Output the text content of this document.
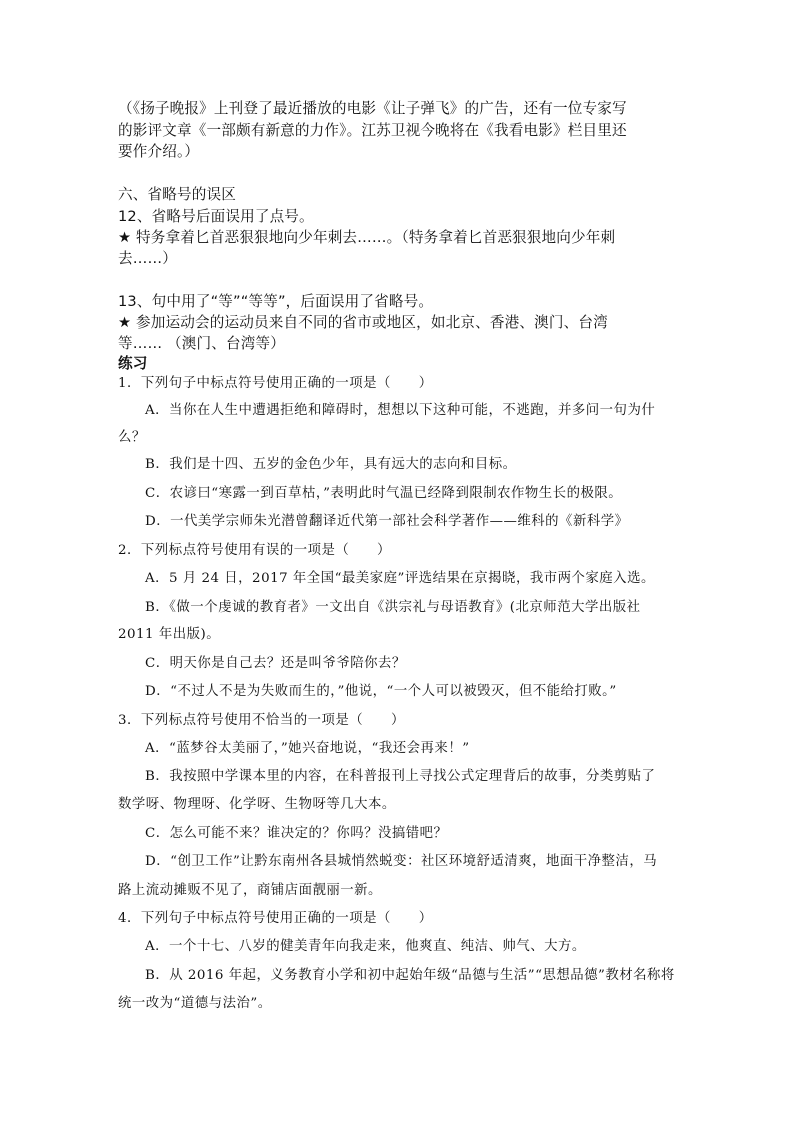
（《扬子晚报》上刊登了最近播放的电影《让子弹飞》的广告，还有一位专家写
的影评文章《一部颇有新意的力作》。江苏卫视今晚将在《我看电影》栏目里还
要作介绍。）
六、省略号的误区
12、省略号后面误用了点号。
★ 特务拿着匕首恶狠狠地向少年刺去……。（特务拿着匕首恶狠狠地向少年刺
去……）
13、句中用了“等”“等等”，后面误用了省略号。
★ 参加运动会的运动员来自不同的省市或地区，如北京、香港、澳门、台湾
等…… （澳门、台湾等）
练习
1．下列句子中标点符号使用正确的一项是（　　）
A．当你在人生中遭遇拒绝和障碍时，想想以下这种可能，不逃跑，并多问一句为什
么？
B．我们是十四、五岁的金色少年，具有远大的志向和目标。
C．农谚曰“寒露一到百草枯，”表明此时气温已经降到限制农作物生长的极限。
D．一代美学宗师朱光潜曾翻译近代第一部社会科学著作——维科的《新科学》
2．下列标点符号使用有误的一项是（　　）
A．5 月 24 日，2017 年全国“最美家庭”评选结果在京揭晓，我市两个家庭入选。
B．《做一个虔诚的教育者》一文出自《洪宗礼与母语教育》(北京师范大学出版社
2011 年出版)。
C．明天你是自己去？还是叫爷爷陪你去？
D．“不过人不是为失败而生的，”他说，“一个人可以被毁灭，但不能给打败。”
3．下列标点符号使用不恰当的一项是（　　）
A．“蓝梦谷太美丽了，”她兴奋地说，“我还会再来！”
B．我按照中学课本里的内容，在科普报刊上寻找公式定理背后的故事，分类剪贴了
数学呀、物理呀、化学呀、生物呀等几大本。
C．怎么可能不来？谁决定的？你吗？没搞错吧？
D．“创卫工作”让黔东南州各县城悄然蜕变：社区环境舒适清爽，地面干净整洁，马
路上流动摊贩不见了，商铺店面靓丽一新。
4．下列句子中标点符号使用正确的一项是（　　）
A．一个十七、八岁的健美青年向我走来，他爽直、纯洁、帅气、大方。
B．从 2016 年起，义务教育小学和初中起始年级“品德与生活”“思想品德”教材名称将
统一改为“道德与法治”。
